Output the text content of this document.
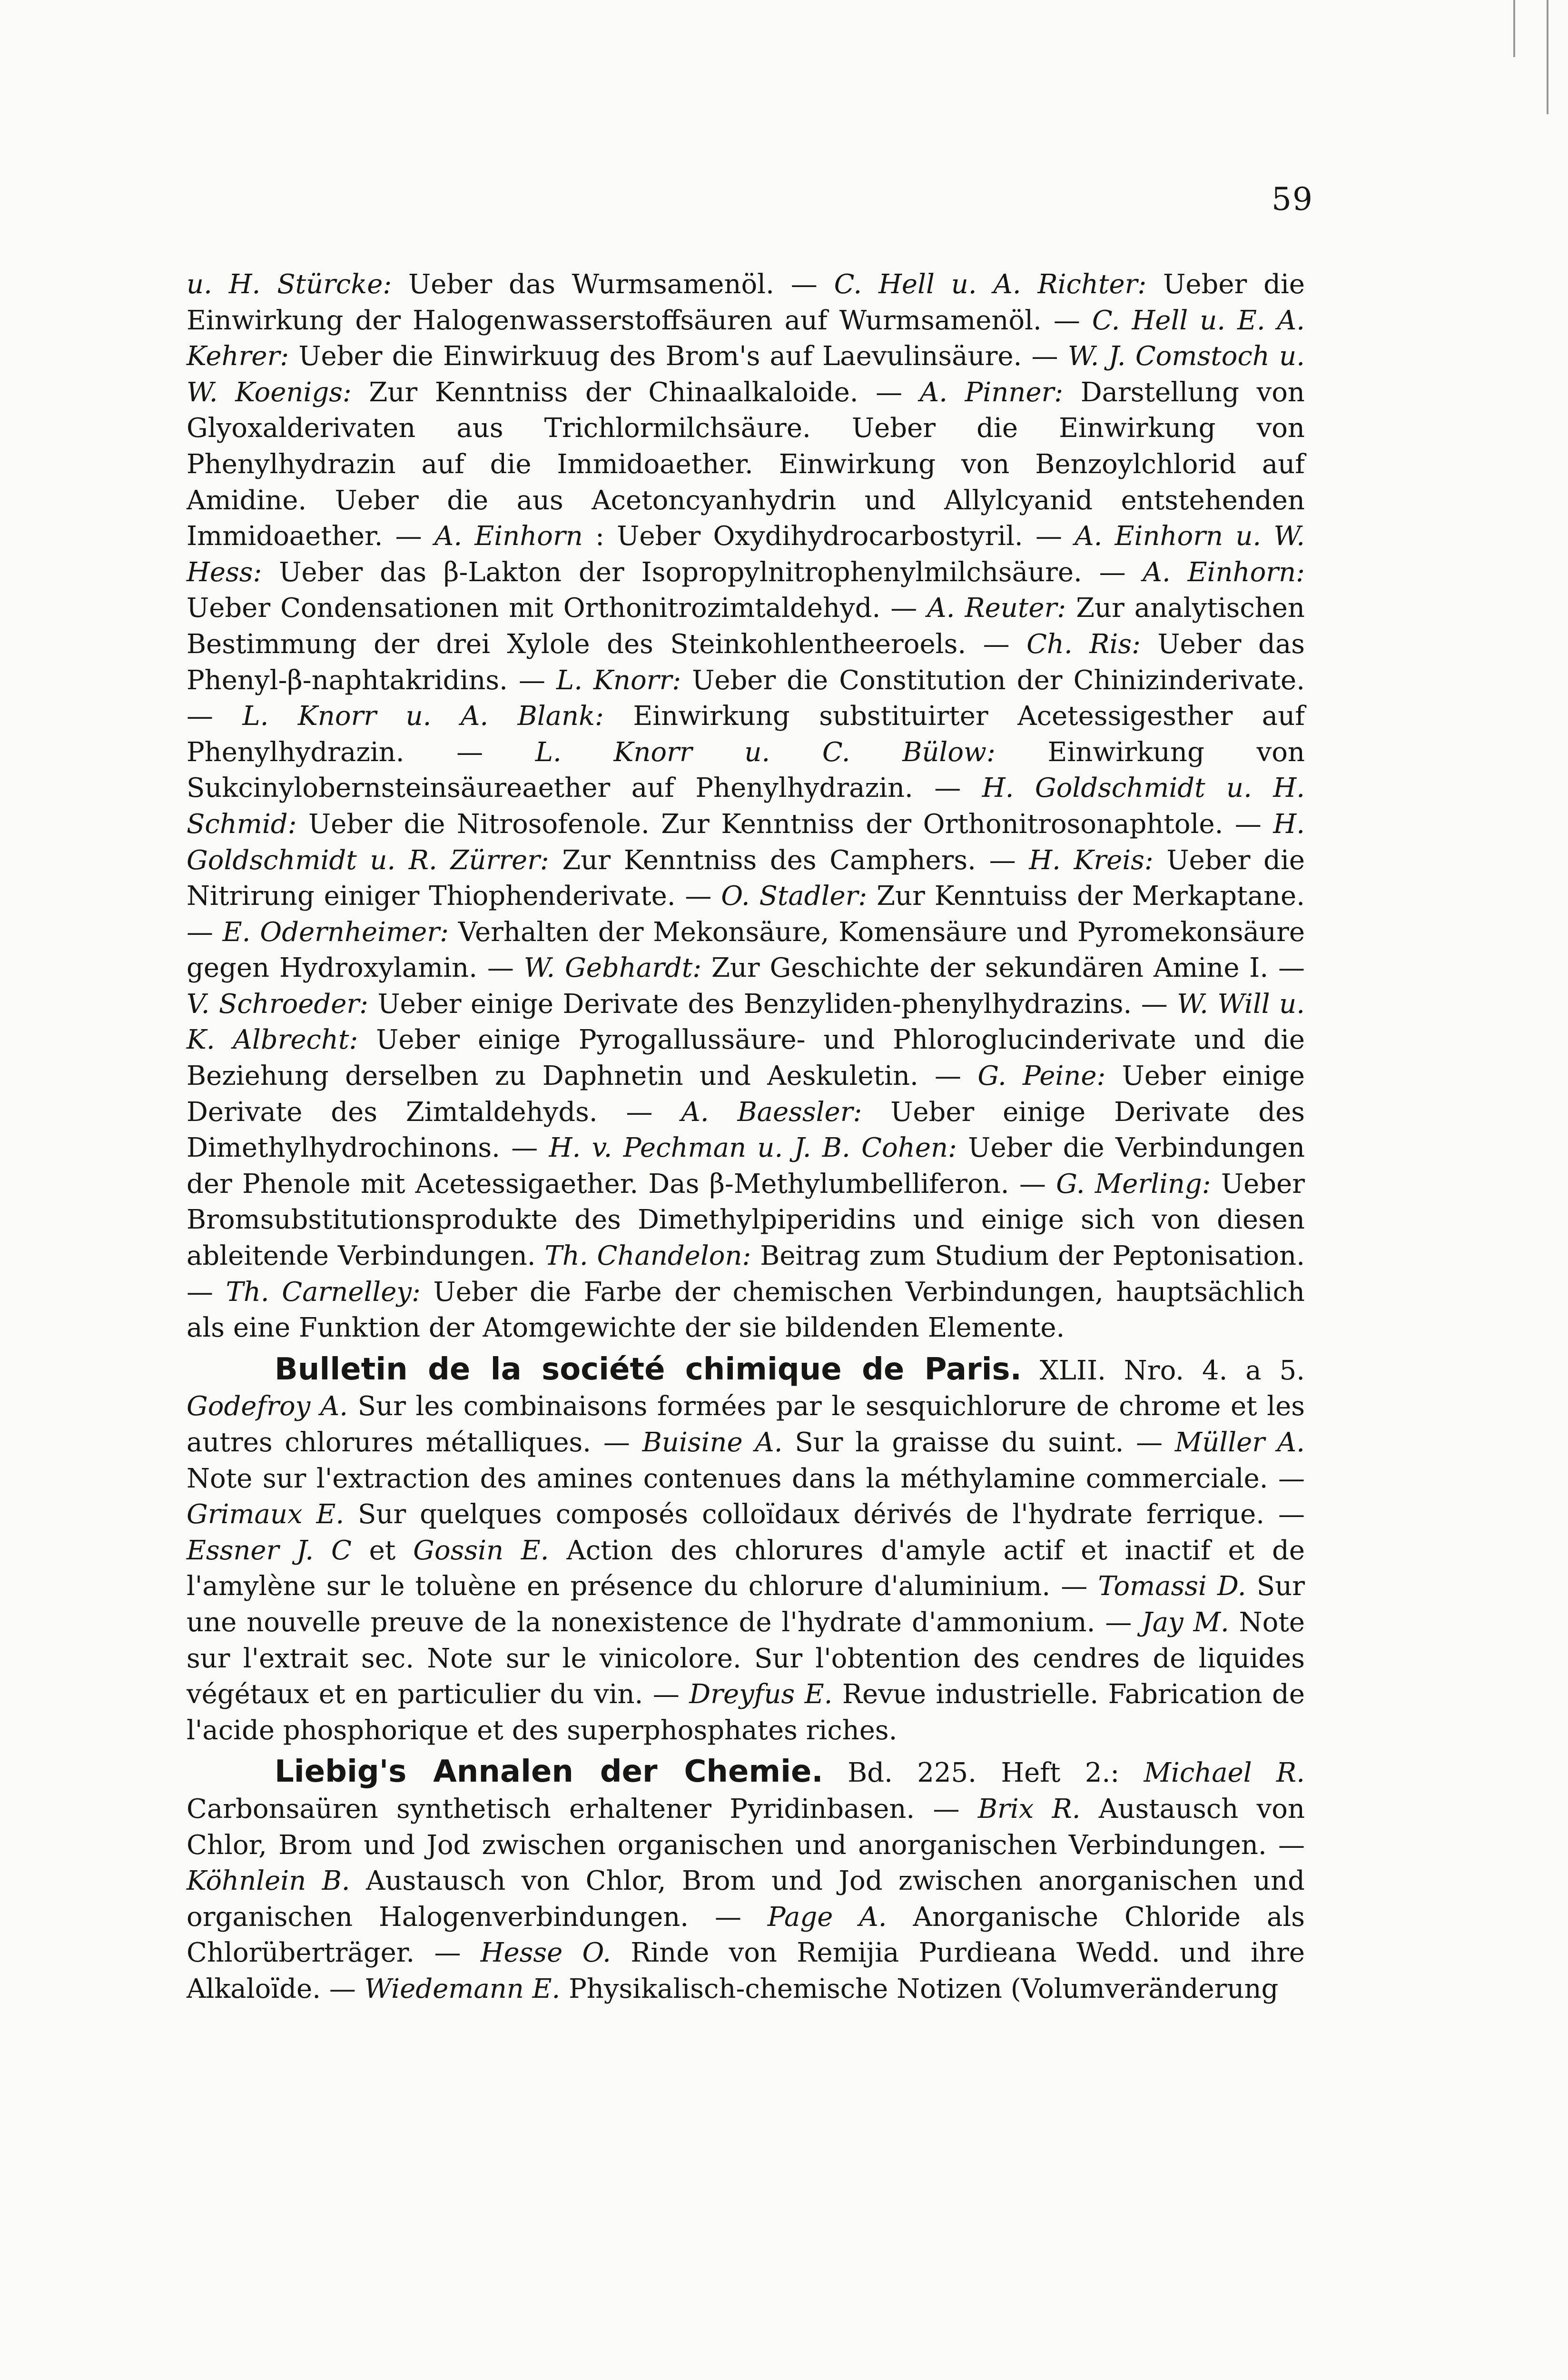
59

u. H. Stürcke: Ueber das Wurmsamenöl. — C. Hell u. A. Richter: Ueber die Einwirkung der Halogenwasserstoffsäuren auf Wurmsamenöl. — C. Hell u. E. A. Kehrer: Ueber die Einwirkuug des Brom's auf Laevulinsäure. — W. J. Comstoch u. W. Koenigs: Zur Kenntniss der Chinaalkaloide. — A. Pinner: Darstellung von Glyoxalderivaten aus Trichlormilchsäure. Ueber die Einwirkung von Phenylhydrazin auf die Immidoaether. Einwirkung von Benzoylchlorid auf Amidine. Ueber die aus Acetoncyanhydrin und Allylcyanid entstehenden Immidoaether. — A. Einhorn : Ueber Oxydihydrocarbostyril. — A. Einhorn u. W. Hess: Ueber das β-Lakton der Isopropylnitrophenylmilchsäure. — A. Einhorn: Ueber Condensationen mit Orthonitrozimtaldehyd. — A. Reuter: Zur analytischen Bestimmung der drei Xylole des Steinkohlentheeroels. — Ch. Ris: Ueber das Phenyl-β-naphtakridins. — L. Knorr: Ueber die Constitution der Chinizinderivate. — L. Knorr u. A. Blank: Einwirkung substituirter Acetessigesther auf Phenylhydrazin. — L. Knorr u. C. Bülow: Einwirkung von Sukcinylobernsteinsäureaether auf Phenylhydrazin. — H. Goldschmidt u. H. Schmid: Ueber die Nitrosofenole. Zur Kenntniss der Orthonitrosonaphtole. — H. Goldschmidt u. R. Zürrer: Zur Kenntniss des Camphers. — H. Kreis: Ueber die Nitrirung einiger Thiophenderivate. — O. Stadler: Zur Kenntuiss der Merkaptane. — E. Odernheimer: Verhalten der Mekonsäure, Komensäure und Pyromekonsäure gegen Hydroxylamin. — W. Gebhardt: Zur Geschichte der sekundären Amine I. — V. Schroeder: Ueber einige Derivate des Benzyliden-phenylhydrazins. — W. Will u. K. Albrecht: Ueber einige Pyrogallussäure- und Phloroglucinderivate und die Beziehung derselben zu Daphnetin und Aeskuletin. — G. Peine: Ueber einige Derivate des Zimtaldehyds. — A. Baessler: Ueber einige Derivate des Dimethylhydrochinons. — H. v. Pechman u. J. B. Cohen: Ueber die Verbindungen der Phenole mit Acetessigaether. Das β-Methylumbelliferon. — G. Merling: Ueber Bromsubstitutionsprodukte des Dimethylpiperidins und einige sich von diesen ableitende Verbindungen. Th. Chandelon: Beitrag zum Studium der Peptonisation. — Th. Carnelley: Ueber die Farbe der chemischen Verbindungen, hauptsächlich als eine Funktion der Atomgewichte der sie bildenden Elemente.

Bulletin de la société chimique de Paris. XLII. Nro. 4. a 5. Godefroy A. Sur les combinaisons formées par le sesquichlorure de chrome et les autres chlorures métalliques. — Buisine A. Sur la graisse du suint. — Müller A. Note sur l'extraction des amines contenues dans la méthylamine commerciale. — Grimaux E. Sur quelques composés colloïdaux dérivés de l'hydrate ferrique. — Essner J. C et Gossin E. Action des chlorures d'amyle actif et inactif et de l'amylène sur le toluène en présence du chlorure d'aluminium. — Tomassi D. Sur une nouvelle preuve de la nonexistence de l'hydrate d'ammonium. — Jay M. Note sur l'extrait sec. Note sur le vinicolore. Sur l'obtention des cendres de liquides végétaux et en particulier du vin. — Dreyfus E. Revue industrielle. Fabrication de l'acide phosphorique et des superphosphates riches.

Liebig's Annalen der Chemie. Bd. 225. Heft 2.: Michael R. Carbonsaüren synthetisch erhaltener Pyridinbasen. — Brix R. Austausch von Chlor, Brom und Jod zwischen organischen und anorganischen Verbindungen. — Köhnlein B. Austausch von Chlor, Brom und Jod zwischen anorganischen und organischen Halogenverbindungen. — Page A. Anorganische Chloride als Chlorüberträger. — Hesse O. Rinde von Remijia Purdieana Wedd. und ihre Alkaloïde. — Wiedemann E. Physikalisch-chemische Notizen (Volumveränderung
